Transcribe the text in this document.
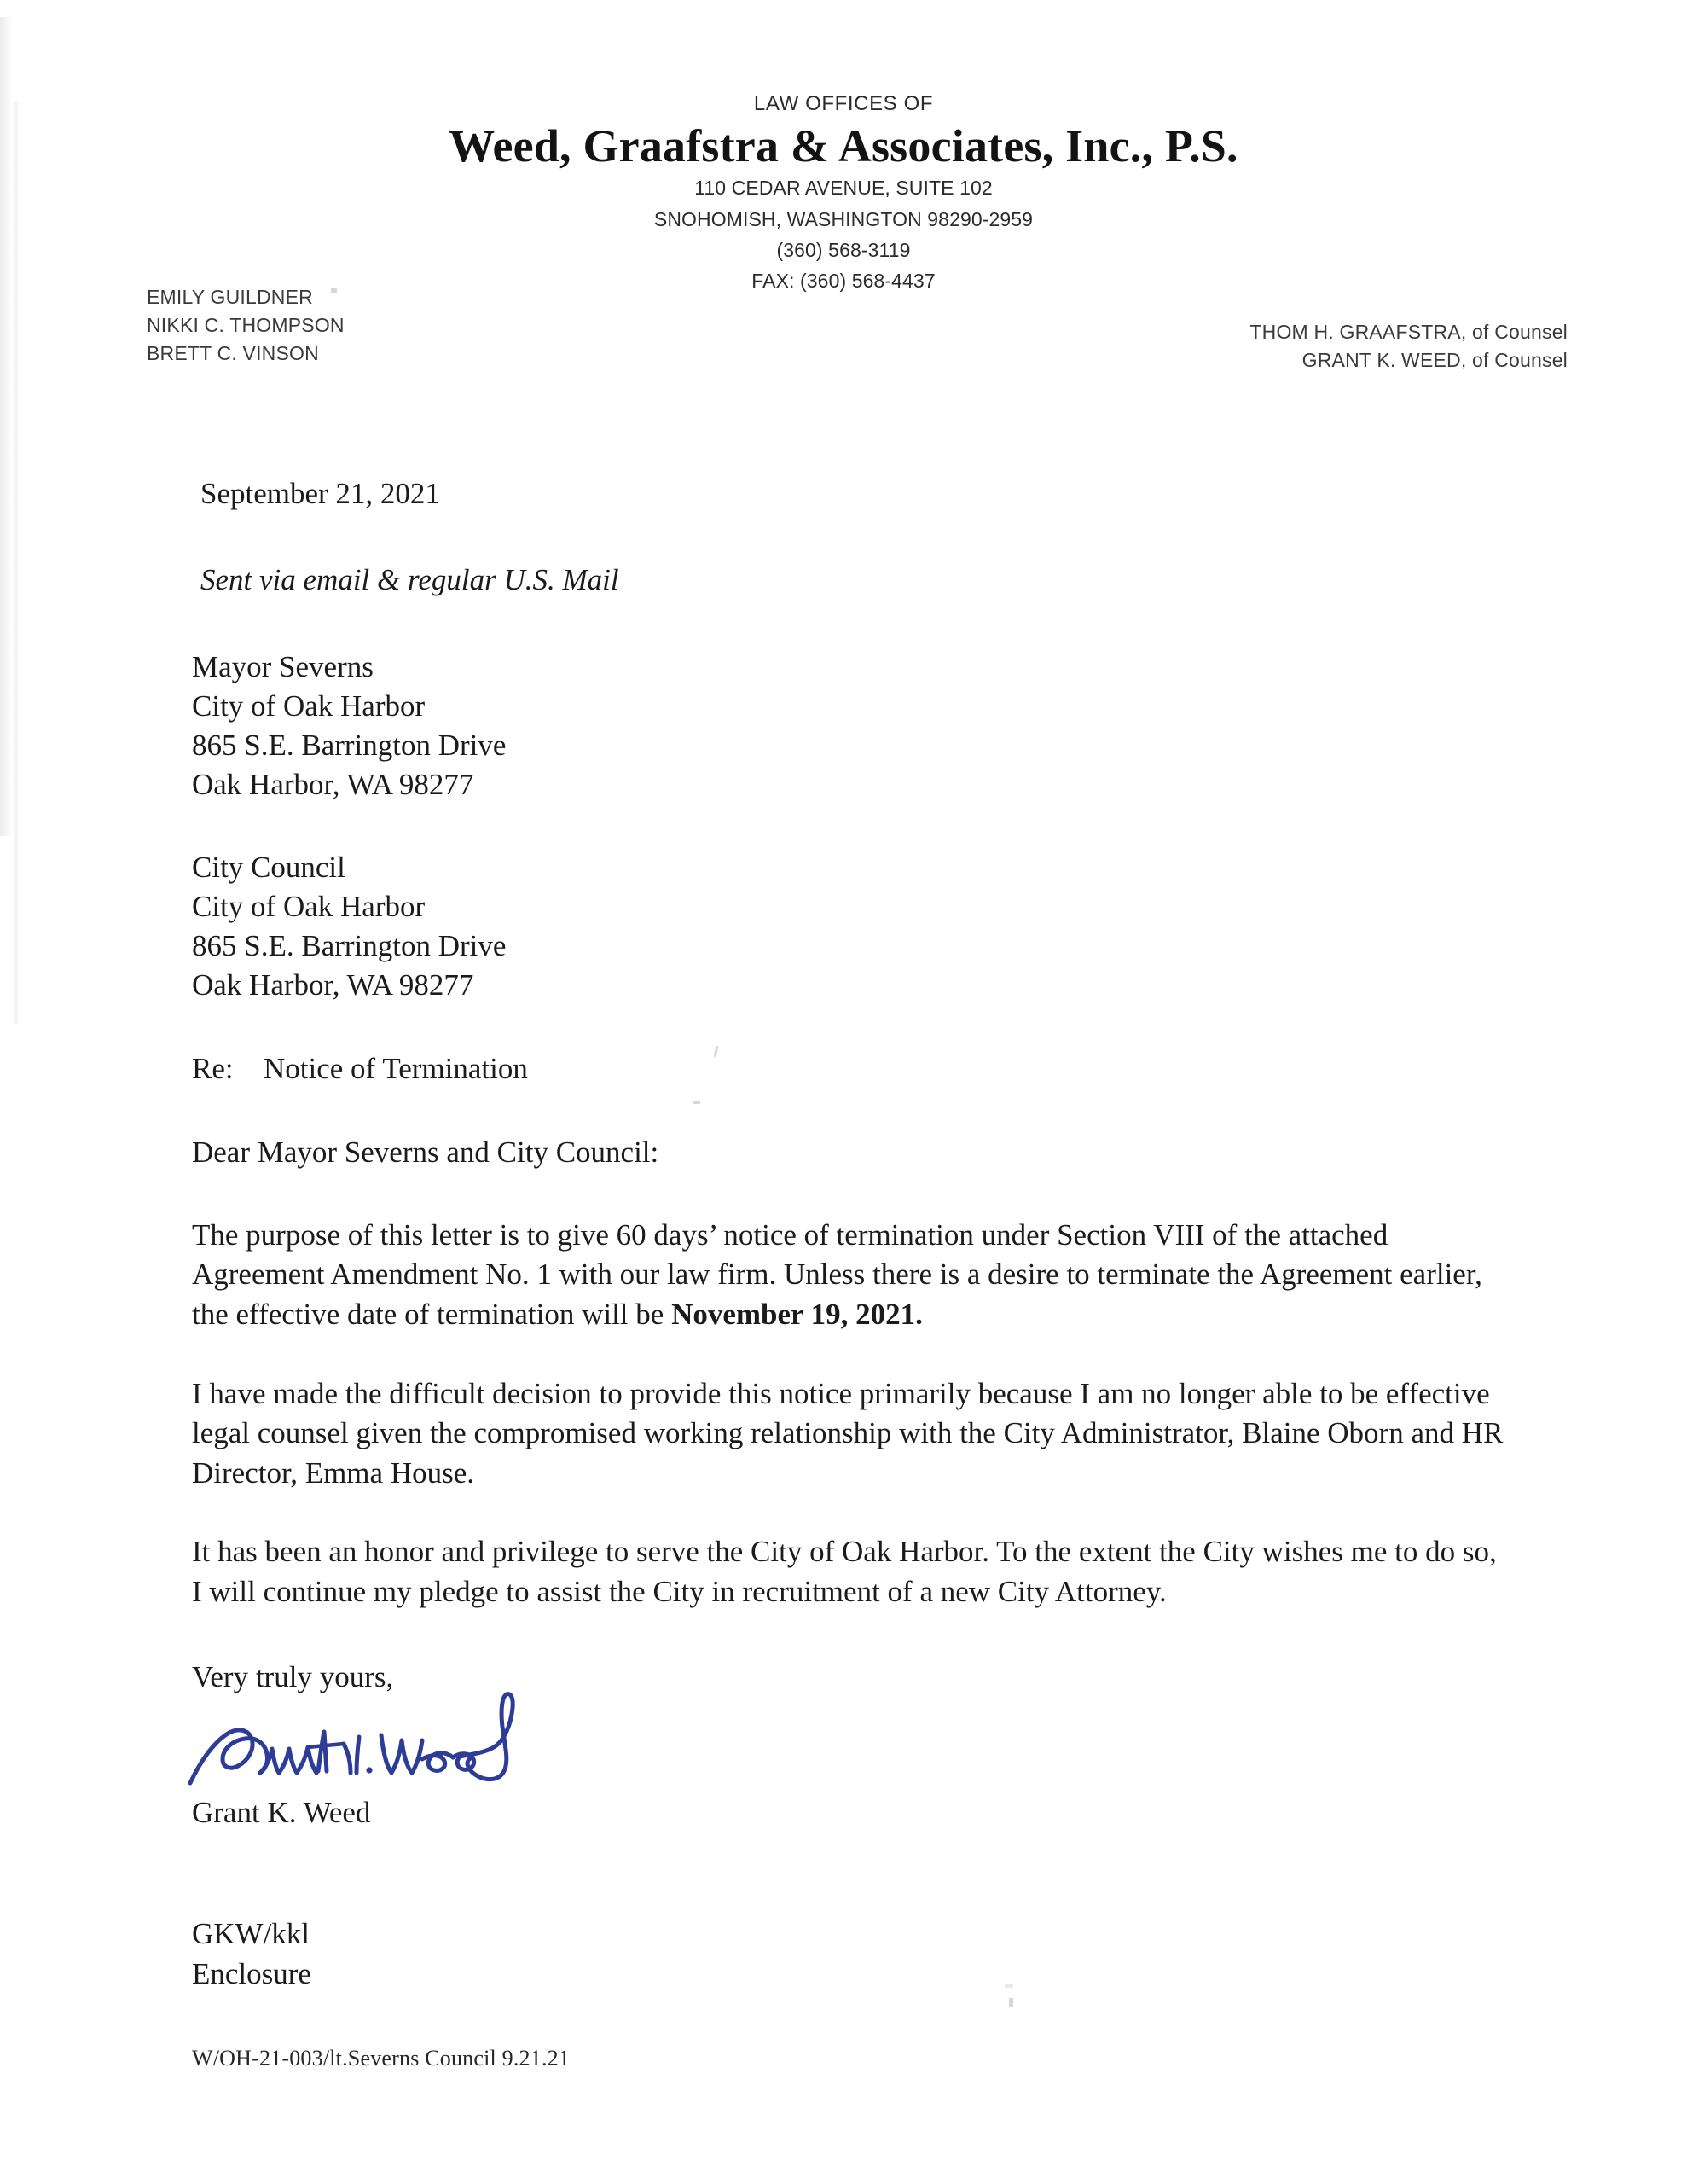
LAW OFFICES OF
Weed, Graafstra & Associates, Inc., P.S.
110 CEDAR AVENUE, SUITE 102
SNOHOMISH, WASHINGTON 98290-2959
(360) 568-3119
FAX: (360) 568-4437
EMILY GUILDNER
NIKKI C. THOMPSON
BRETT C. VINSON
THOM H. GRAAFSTRA, of Counsel
GRANT K. WEED, of Counsel
September 21, 2021
Sent via email & regular U.S. Mail
Mayor Severns
City of Oak Harbor
865 S.E. Barrington Drive
Oak Harbor, WA 98277
City Council
City of Oak Harbor
865 S.E. Barrington Drive
Oak Harbor, WA 98277
Re: Notice of Termination
Dear Mayor Severns and City Council:
The purpose of this letter is to give 60 days’ notice of termination under Section VIII of the attached Agreement Amendment No. 1 with our law firm. Unless there is a desire to terminate the Agreement earlier, the effective date of termination will be November 19, 2021.
I have made the difficult decision to provide this notice primarily because I am no longer able to be effective legal counsel given the compromised working relationship with the City Administrator, Blaine Oborn and HR Director, Emma House.
It has been an honor and privilege to serve the City of Oak Harbor. To the extent the City wishes me to do so, I will continue my pledge to assist the City in recruitment of a new City Attorney.
Very truly yours,
Grant K. Weed
GKW/kkl
Enclosure
W/OH-21-003/lt.Severns Council 9.21.21
